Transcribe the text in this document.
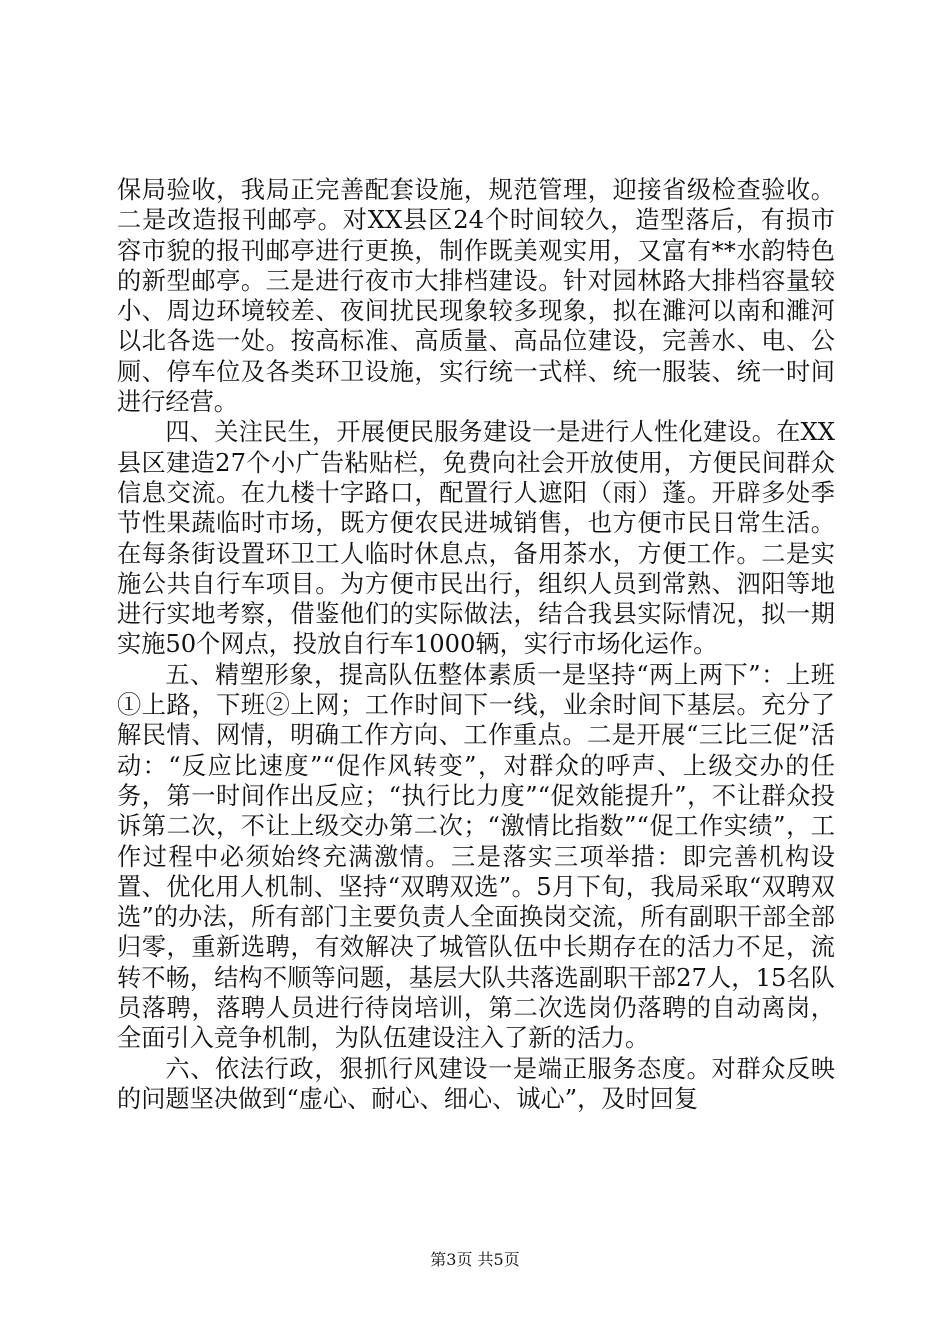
保局验收，我局正完善配套设施，规范管理，迎接省级检查验收。二是改造报刊邮亭。对XX县区24个时间较久，造型落后，有损市容市貌的报刊邮亭进行更换，制作既美观实用，又富有**水韵特色的新型邮亭。三是进行夜市大排档建设。针对园林路大排档容量较小、周边环境较差、夜间扰民现象较多现象，拟在濉河以南和濉河以北各选一处。按高标准、高质量、高品位建设，完善水、电、公厕、停车位及各类环卫设施，实行统一式样、统一服装、统一时间进行经营。

四、关注民生，开展便民服务建设一是进行人性化建设。在XX县区建造27个小广告粘贴栏，免费向社会开放使用，方便民间群众信息交流。在九楼十字路口，配置行人遮阳（雨）蓬。开辟多处季节性果蔬临时市场，既方便农民进城销售，也方便市民日常生活。在每条街设置环卫工人临时休息点，备用茶水，方便工作。二是实施公共自行车项目。为方便市民出行，组织人员到常熟、泗阳等地进行实地考察，借鉴他们的实际做法，结合我县实际情况，拟一期实施50个网点，投放自行车1000辆，实行市场化运作。

五、精塑形象，提高队伍整体素质一是坚持“两上两下”：上班①上路，下班②上网；工作时间下一线，业余时间下基层。充分了解民情、网情，明确工作方向、工作重点。二是开展“三比三促”活动：“反应比速度”“促作风转变”，对群众的呼声、上级交办的任务，第一时间作出反应；“执行比力度”“促效能提升”，不让群众投诉第二次，不让上级交办第二次；“激情比指数”“促工作实绩”，工作过程中必须始终充满激情。三是落实三项举措：即完善机构设置、优化用人机制、坚持“双聘双选”。5月下旬，我局采取“双聘双选”的办法，所有部门主要负责人全面换岗交流，所有副职干部全部归零，重新选聘，有效解决了城管队伍中长期存在的活力不足，流转不畅，结构不顺等问题，基层大队共落选副职干部27人，15名队员落聘，落聘人员进行待岗培训，第二次选岗仍落聘的自动离岗，全面引入竞争机制，为队伍建设注入了新的活力。

六、依法行政，狠抓行风建设一是端正服务态度。对群众反映的问题坚决做到“虚心、耐心、细心、诚心”，及时回复

第3页 共5页
